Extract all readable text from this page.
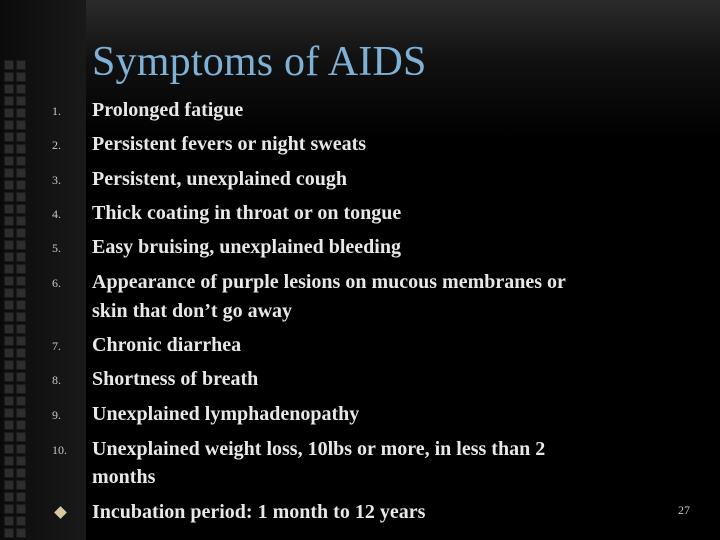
Symptoms of AIDS
1.	Prolonged fatigue
2.	Persistent fevers or night sweats
3.	Persistent, unexplained cough
4.	Thick coating in throat or on tongue
5.	Easy bruising, unexplained bleeding
6.	Appearance of purple lesions on mucous membranes or
skin that don’t go away
7.	Chronic diarrhea
8.	Shortness of breath
9.	Unexplained lymphadenopathy
10.	Unexplained weight loss, 10lbs or more, in less than 2
months
Incubation period: 1 month to 12 years	27
